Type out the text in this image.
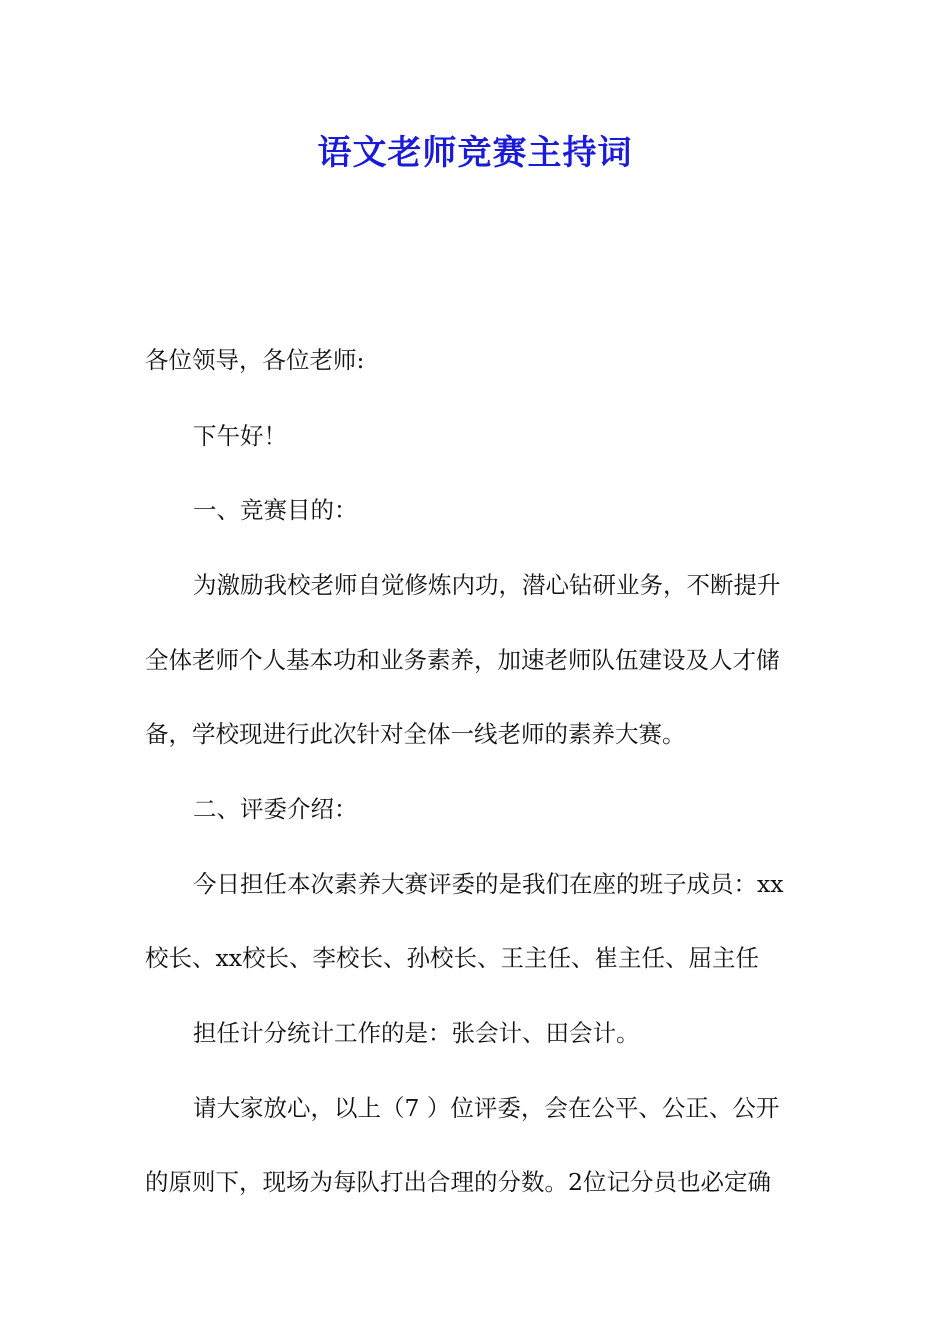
语文老师竞赛主持词
各位领导，各位老师:
下午好！
一、竞赛目的：
为激励我校老师自觉修炼内功，潜心钻研业务，不断提升
全体老师个人基本功和业务素养，加速老师队伍建设及人才储
备，学校现进行此次针对全体一线老师的素养大赛。
二、评委介绍：
今日担任本次素养大赛评委的是我们在座的班子成员：xx
校长、xx校长、李校长、孙校长、王主任、崔主任、屈主任
担任计分统计工作的是：张会计、田会计。
请大家放心，以上（7 ）位评委，会在公平、公正、公开
的原则下，现场为每队打出合理的分数。2位记分员也必定确
